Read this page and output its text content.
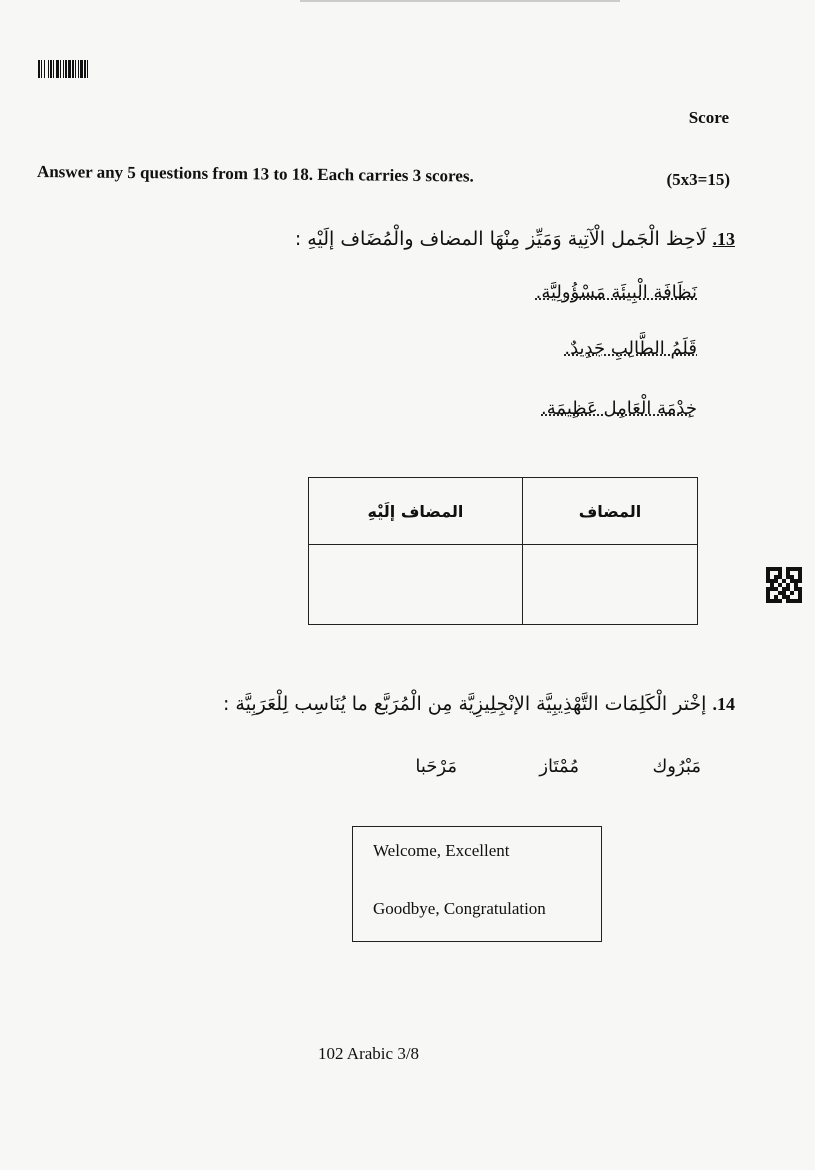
Score
Answer any 5 questions from 13 to 18. Each carries 3 scores.	(5x3=15)
13. لَاحِظ الْجَمل الْآتِية وَمَيِّز مِنْهَا المضاف والْمُضَاف إلَيْهِ :
نَظَافَة الْبِيئَة مَسْؤُولِيَّة.
قَلَمُ الطَّالِبِ جَدِيدٌ.
خِدْمَة الْعَامِل عَظِيمَة.
المضاف	المضاف إلَيْهِ

14. إخْتر الْكَلِمَات التَّهْذِيبِيَّة الإنْجِلِيزِيَّة مِن الْمُرَبَّع ما يُنَاسِب لِلْعَرَبِيَّة :
مَبْرُوك
مُمْتَاز
مَرْحَبا
Welcome, Excellent
Goodbye, Congratulation
102 Arabic 3/8
